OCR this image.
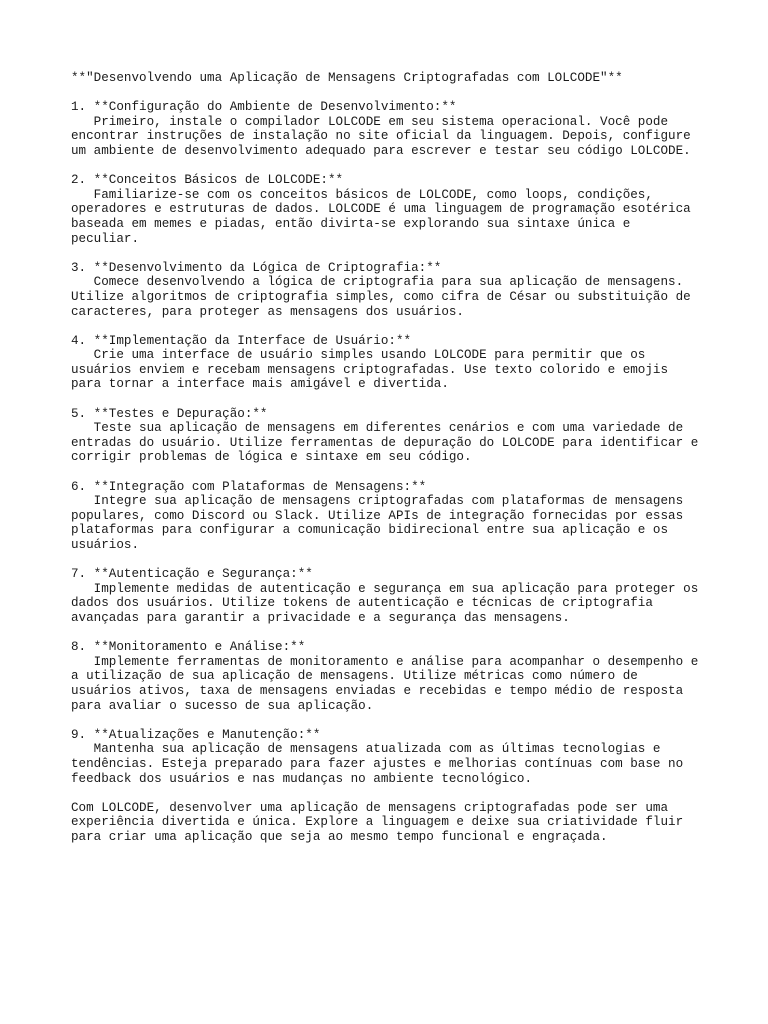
**"Desenvolvendo uma Aplicação de Mensagens Criptografadas com LOLCODE"**
1. **Configuração do Ambiente de Desenvolvimento:**
Primeiro, instale o compilador LOLCODE em seu sistema operacional. Você pode
encontrar instruções de instalação no site oficial da linguagem. Depois, configure
um ambiente de desenvolvimento adequado para escrever e testar seu código LOLCODE.
2. **Conceitos Básicos de LOLCODE:**
Familiarize-se com os conceitos básicos de LOLCODE, como loops, condições,
operadores e estruturas de dados. LOLCODE é uma linguagem de programação esotérica
baseada em memes e piadas, então divirta-se explorando sua sintaxe única e
peculiar.
3. **Desenvolvimento da Lógica de Criptografia:**
Comece desenvolvendo a lógica de criptografia para sua aplicação de mensagens.
Utilize algoritmos de criptografia simples, como cifra de César ou substituição de
caracteres, para proteger as mensagens dos usuários.
4. **Implementação da Interface de Usuário:**
Crie uma interface de usuário simples usando LOLCODE para permitir que os
usuários enviem e recebam mensagens criptografadas. Use texto colorido e emojis
para tornar a interface mais amigável e divertida.
5. **Testes e Depuração:**
Teste sua aplicação de mensagens em diferentes cenários e com uma variedade de
entradas do usuário. Utilize ferramentas de depuração do LOLCODE para identificar e
corrigir problemas de lógica e sintaxe em seu código.
6. **Integração com Plataformas de Mensagens:**
Integre sua aplicação de mensagens criptografadas com plataformas de mensagens
populares, como Discord ou Slack. Utilize APIs de integração fornecidas por essas
plataformas para configurar a comunicação bidirecional entre sua aplicação e os
usuários.
7. **Autenticação e Segurança:**
Implemente medidas de autenticação e segurança em sua aplicação para proteger os
dados dos usuários. Utilize tokens de autenticação e técnicas de criptografia
avançadas para garantir a privacidade e a segurança das mensagens.
8. **Monitoramento e Análise:**
Implemente ferramentas de monitoramento e análise para acompanhar o desempenho e
a utilização de sua aplicação de mensagens. Utilize métricas como número de
usuários ativos, taxa de mensagens enviadas e recebidas e tempo médio de resposta
para avaliar o sucesso de sua aplicação.
9. **Atualizações e Manutenção:**
Mantenha sua aplicação de mensagens atualizada com as últimas tecnologias e
tendências. Esteja preparado para fazer ajustes e melhorias contínuas com base no
feedback dos usuários e nas mudanças no ambiente tecnológico.
Com LOLCODE, desenvolver uma aplicação de mensagens criptografadas pode ser uma
experiência divertida e única. Explore a linguagem e deixe sua criatividade fluir
para criar uma aplicação que seja ao mesmo tempo funcional e engraçada.
